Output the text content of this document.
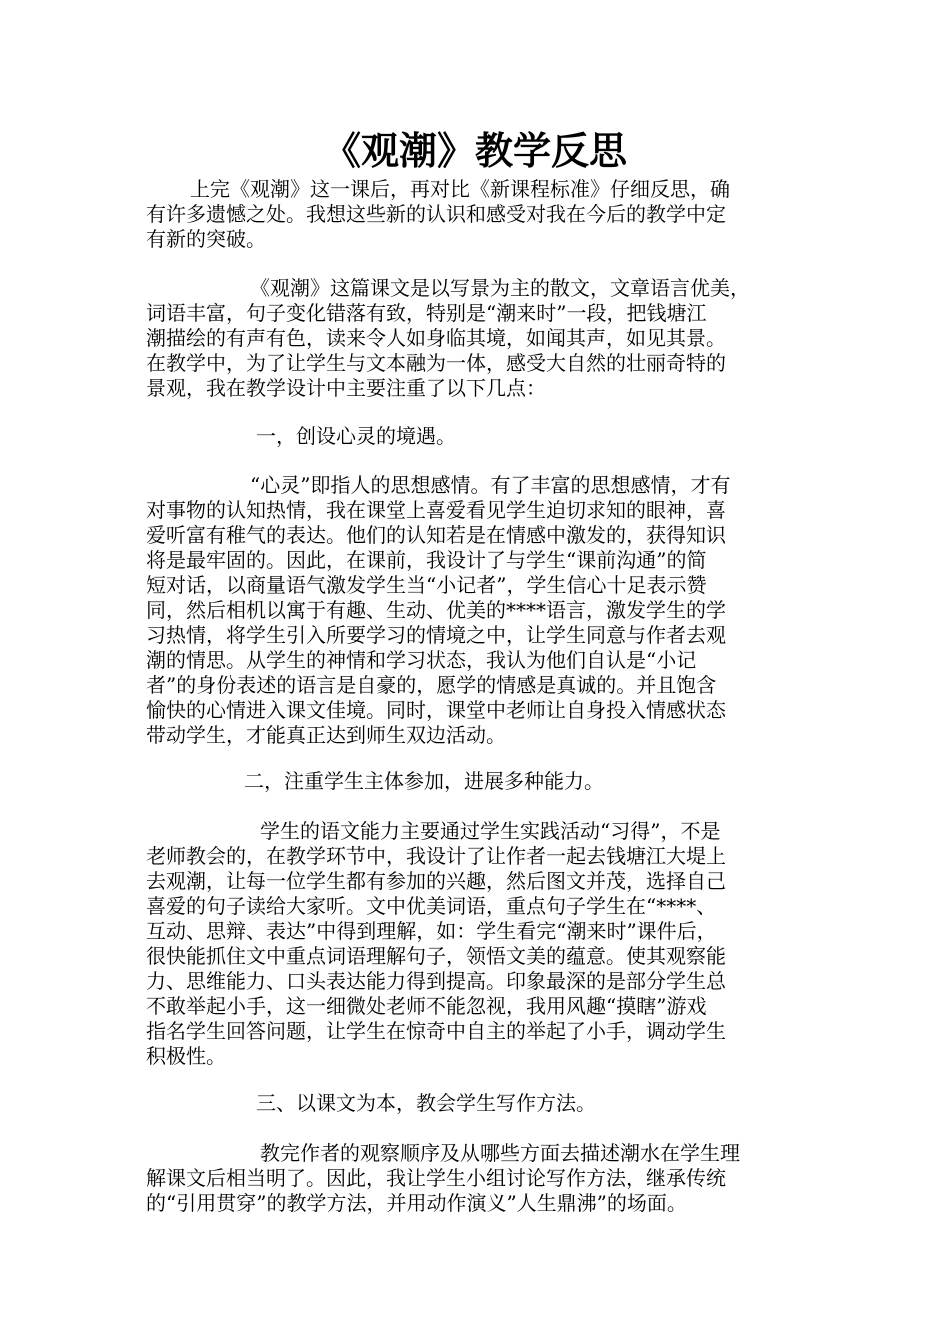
《观潮》教学反思
上完《观潮》这一课后，再对比《新课程标准》仔细反思，确
有许多遗憾之处。我想这些新的认识和感受对我在今后的教学中定
有新的突破。
《观潮》这篇课文是以写景为主的散文，文章语言优美，
词语丰富，句子变化错落有致，特别是“潮来时”一段，把钱塘江
潮描绘的有声有色，读来令人如身临其境，如闻其声，如见其景。
在教学中，为了让学生与文本融为一体，感受大自然的壮丽奇特的
景观，我在教学设计中主要注重了以下几点：
一，创设心灵的境遇。
“心灵”即指人的思想感情。有了丰富的思想感情，才有
对事物的认知热情，我在课堂上喜爱看见学生迫切求知的眼神，喜
爱听富有稚气的表达。他们的认知若是在情感中激发的，获得知识
将是最牢固的。因此，在课前，我设计了与学生“课前沟通”的简
短对话，以商量语气激发学生当“小记者”，学生信心十足表示赞
同，然后相机以寓于有趣、生动、优美的****语言，激发学生的学
习热情，将学生引入所要学习的情境之中，让学生同意与作者去观
潮的情思。从学生的神情和学习状态，我认为他们自认是“小记
者”的身份表述的语言是自豪的，愿学的情感是真诚的。并且饱含
愉快的心情进入课文佳境。同时，课堂中老师让自身投入情感状态
带动学生，才能真正达到师生双边活动。
二，注重学生主体参加，进展多种能力。
学生的语文能力主要通过学生实践活动“习得”，不是
老师教会的，在教学环节中，我设计了让作者一起去钱塘江大堤上
去观潮，让每一位学生都有参加的兴趣，然后图文并茂，选择自己
喜爱的句子读给大家听。文中优美词语，重点句子学生在“****、
互动、思辩、表达”中得到理解，如：学生看完“潮来时”课件后，
很快能抓住文中重点词语理解句子，领悟文美的蕴意。使其观察能
力、思维能力、口头表达能力得到提高。印象最深的是部分学生总
不敢举起小手，这一细微处老师不能忽视，我用风趣“摸瞎”游戏
指名学生回答问题，让学生在惊奇中自主的举起了小手，调动学生
积极性。
三、以课文为本，教会学生写作方法。
教完作者的观察顺序及从哪些方面去描述潮水在学生理
解课文后相当明了。因此，我让学生小组讨论写作方法，继承传统
的“引用贯穿”的教学方法，并用动作演义”人生鼎沸”的场面。
